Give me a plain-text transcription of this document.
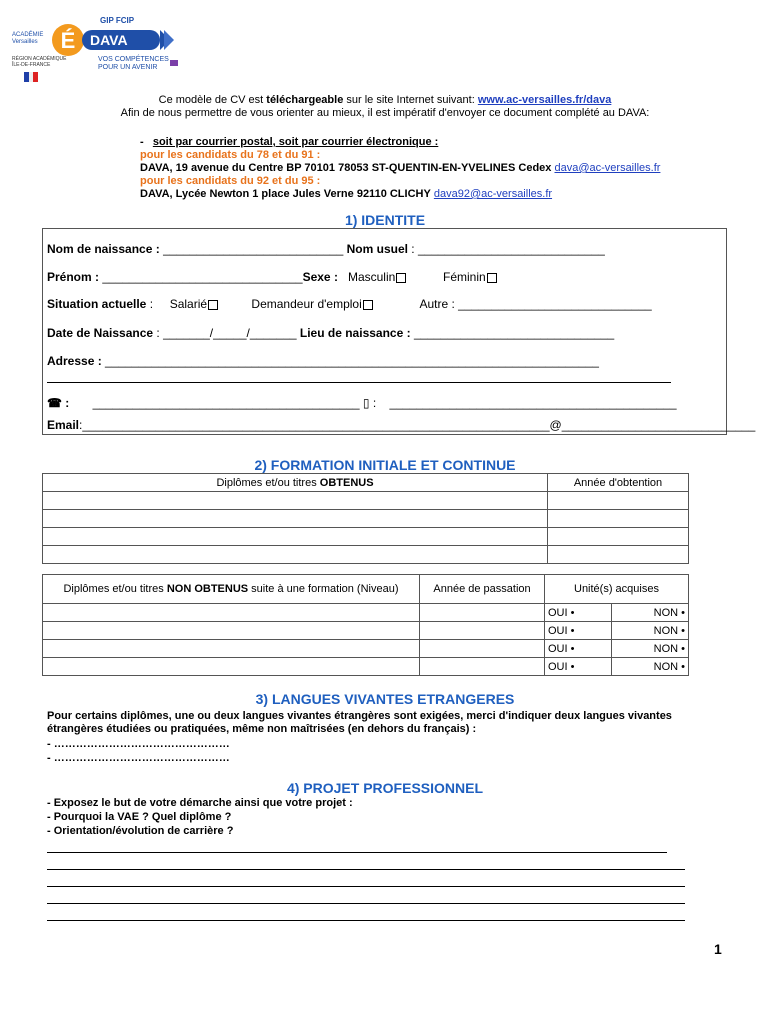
É
GIP FCIP
ACADÉMIE
Versailles	DAVA
RÉGION ACADÉMIQUE
ÎLE-DE-FRANCE
VOS COMPÉTENCES
POUR UN AVENIR
Ce modèle de CV est téléchargeable sur le site Internet suivant: www.ac-versailles.fr/dava
Afin de nous permettre de vous orienter au mieux, il est impératif d'envoyer ce document complété au DAVA:
- soit par courrier postal, soit par courrier électronique :
pour les candidats du 78 et du 91 :
DAVA, 19 avenue du Centre BP 70101 78053 ST-QUENTIN-EN-YVELINES Cedex dava@ac-versailles.fr
pour les candidats du 92 et du 95 :
DAVA, Lycée Newton 1 place Jules Verne 92110 CLICHY dava92@ac-versailles.fr
1) IDENTITE
Nom de naissance : ___________________________ Nom usuel : ____________________________
Prénom : ______________________________Sexe : Masculin	Féminin
Situation actuelle :     Salarié	Demandeur d'emploi	Autre : _____________________________
Date de Naissance : _______/_____/_______ Lieu de naissance : ______________________________
Adresse : __________________________________________________________________________
☎ : ________________________________________ ▯ : ___________________________________________
Email:______________________________________________________________________@_____________________________
2) FORMATION INITIALE ET CONTINUE
Diplômes et/ou titres OBTENUS	Année d'obtention

Diplômes et/ou titres NON OBTENUS suite à une formation (Niveau)	Année de passation	Unité(s) acquises	
		OUI •	NON •
		OUI •	NON •
		OUI •	NON •
		OUI •	NON •
3) LANGUES VIVANTES ETRANGERES
Pour certains diplômes, une ou deux langues vivantes étrangères sont exigées, merci d'indiquer deux langues vivantes étrangères étudiées ou pratiquées, même non maîtrisées (en dehors du français) :
- …………………………………………
- …………………………………………
4) PROJET PROFESSIONNEL
- Exposez le but de votre démarche ainsi que votre projet :
- Pourquoi la VAE ? Quel diplôme ?
- Orientation/évolution de carrière ?
1
